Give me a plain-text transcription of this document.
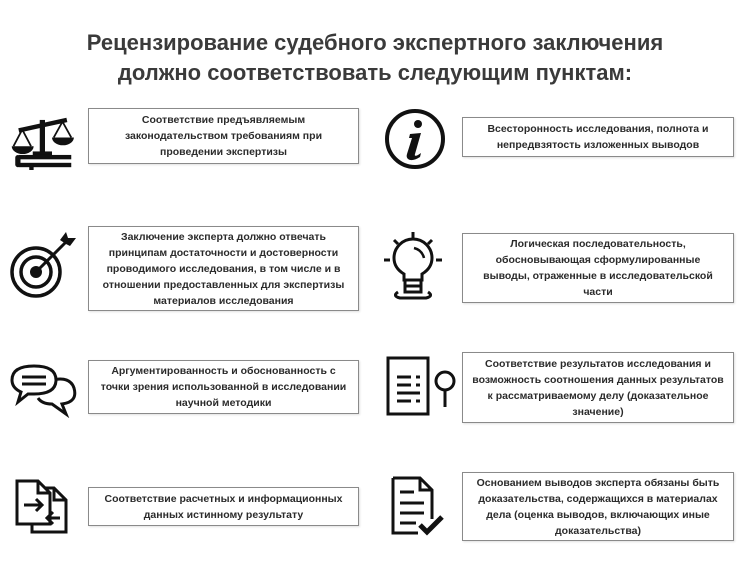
Рецензирование судебного экспертного заключения
должно соответствовать следующим пунктам:
Соответствие предъявляемым законодательством требованиям при проведении экспертизы
Всесторонность исследования, полнота и непредвзятость изложенных выводов
Заключение эксперта должно отвечать принципам достаточности и достоверности проводимого исследования, в том числе и в отношении предоставленных для экспертизы материалов исследования
Логическая последовательность, обосновывающая сформулированные выводы, отраженные в исследовательской части
Аргументированность и обоснованность с точки зрения использованной в исследовании научной методики
Соответствие результатов исследования и возможность соотношения данных результатов к рассматриваемому делу (доказательное значение)
Соответствие расчетных и информационных данных истинному результату
Основанием выводов эксперта обязаны быть доказательства, содержащихся в материалах дела (оценка выводов, включающих иные доказательства)
